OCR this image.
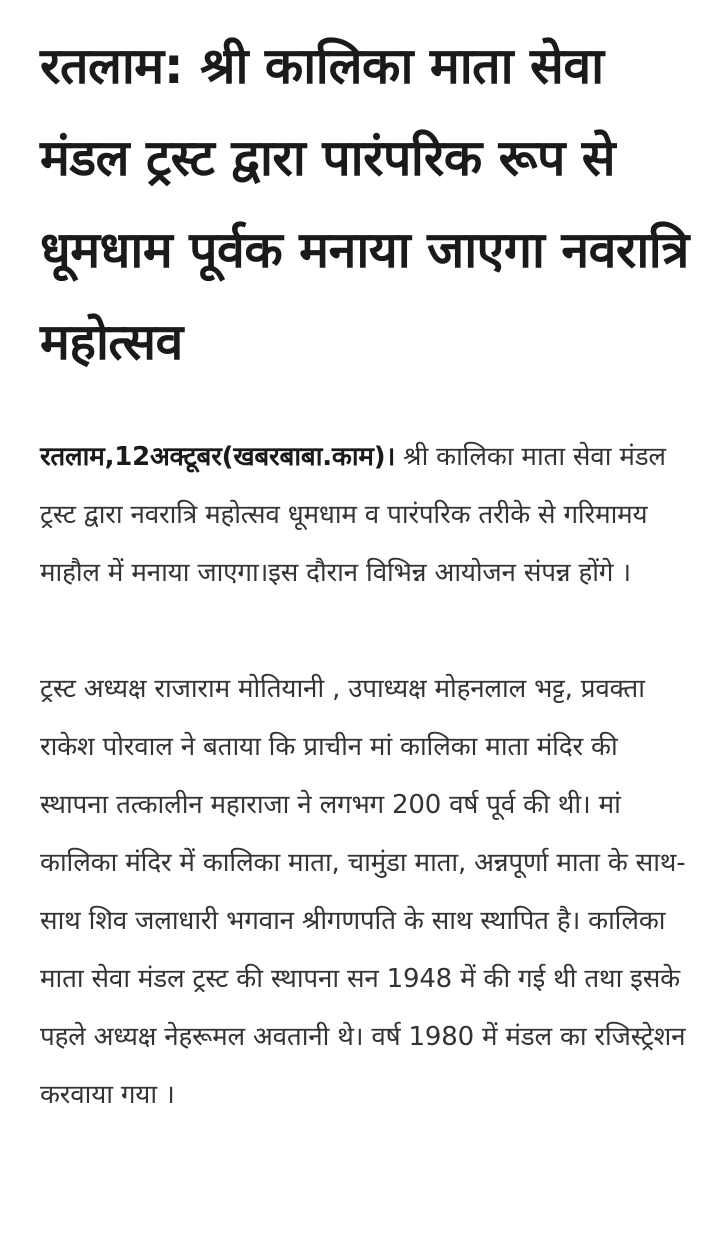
रतलाम: श्री कालिका माता सेवा मंडल ट्रस्ट द्वारा पारंपरिक रूप से धूमधाम पूर्वक मनाया जाएगा नवरात्रि महोत्सव

रतलाम,12अक्टूबर(खबरबाबा.काम)। श्री कालिका माता सेवा मंडल ट्रस्ट द्वारा नवरात्रि महोत्सव धूमधाम व पारंपरिक तरीके से गरिमामय माहौल में मनाया जाएगा।इस दौरान विभिन्न आयोजन संपन्न होंगे ।

ट्रस्ट अध्यक्ष राजाराम मोतियानी , उपाध्यक्ष मोहनलाल भट्ट, प्रवक्ता राकेश पोरवाल ने बताया कि प्राचीन मां कालिका माता मंदिर की स्थापना तत्कालीन महाराजा ने लगभग 200 वर्ष पूर्व की थी। मां कालिका मंदिर में कालिका माता, चामुंडा माता, अन्नपूर्णा माता के साथ-साथ शिव जलाधारी भगवान श्रीगणपति के साथ स्थापित है। कालिका माता सेवा मंडल ट्रस्ट की स्थापना सन 1948 में की गई थी तथा इसके पहले अध्यक्ष नेहरूमल अवतानी थे। वर्ष 1980 में मंडल का रजिस्ट्रेशन करवाया गया ।
